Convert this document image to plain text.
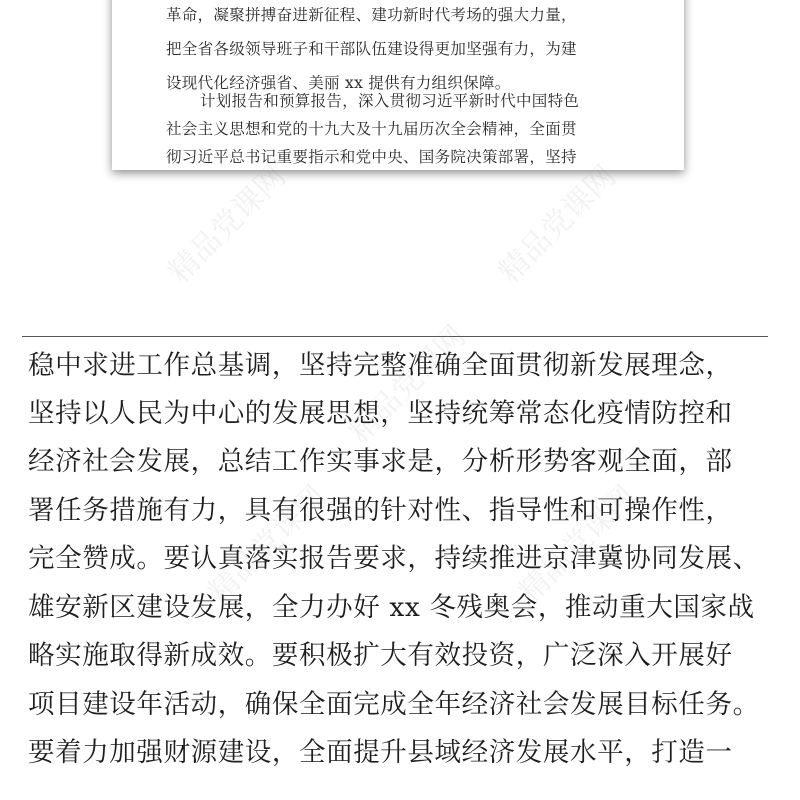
革命，凝聚拼搏奋进新征程、建功新时代考场的强大力量，
把全省各级领导班子和干部队伍建设得更加坚强有力，为建
设现代化经济强省、美丽 xx 提供有力组织保障。
计划报告和预算报告，深入贯彻习近平新时代中国特色
社会主义思想和党的十九大及十九届历次全会精神，全面贯
彻习近平总书记重要指示和党中央、国务院决策部署，坚持
精品党课网	精品党课网
精品党课网
精品党课网	精品党课网
稳中求进工作总基调，坚持完整准确全面贯彻新发展理念，
坚持以人民为中心的发展思想，坚持统筹常态化疫情防控和
经济社会发展，总结工作实事求是，分析形势客观全面，部
署任务措施有力，具有很强的针对性、指导性和可操作性，
完全赞成。要认真落实报告要求，持续推进京津冀协同发展、
雄安新区建设发展，全力办好 xx 冬残奥会，推动重大国家战
略实施取得新成效。要积极扩大有效投资，广泛深入开展好
项目建设年活动，确保全面完成全年经济社会发展目标任务。
要着力加强财源建设，全面提升县域经济发展水平，打造一
